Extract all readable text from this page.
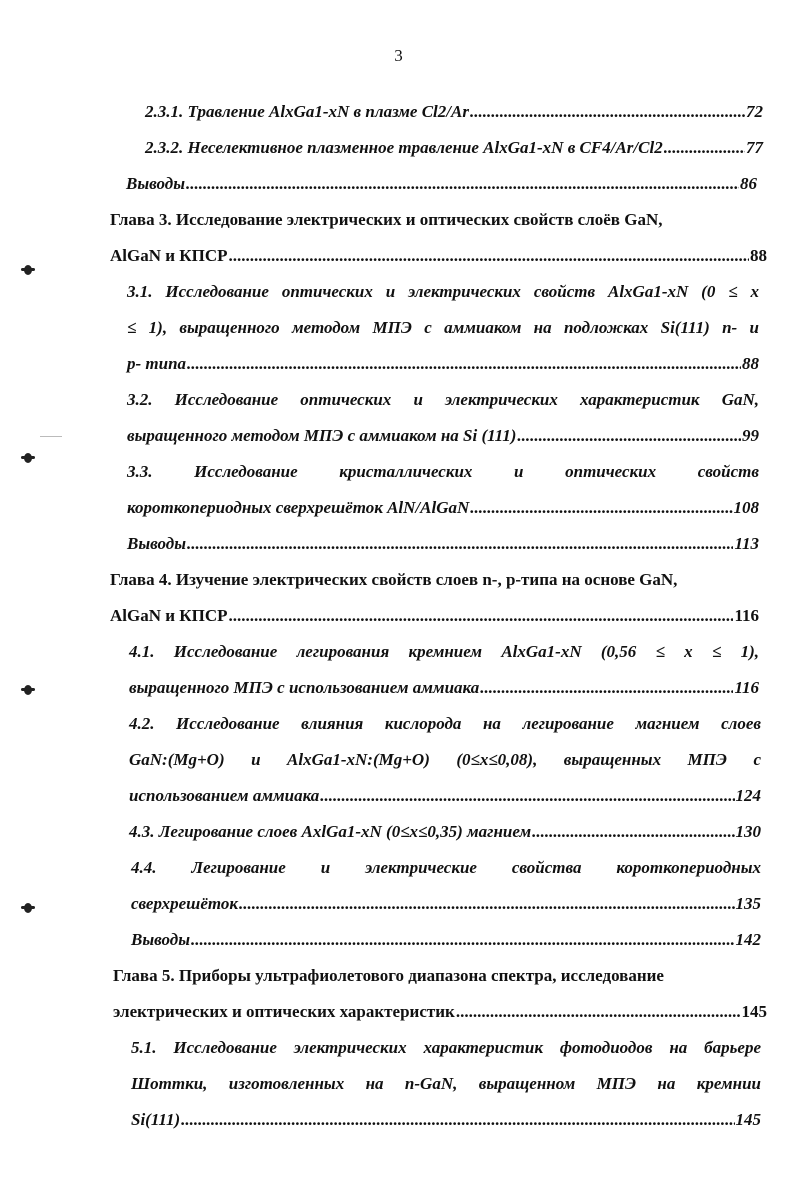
3
2.3.1. Травление AlxGa1-xN в плазме Cl2/Ar .....	72
2.3.2. Неселективное плазменное травление AlxGa1-xN в CF4/Ar/Cl2 .....	77
Выводы .....	86
Глава 3. Исследование электрических и оптических свойств слоёв GaN,
AlGaN и КПСР .....	88
3.1. Исследование оптических и электрических свойств AlxGa1-xN (0 ≤ x
≤ 1), выращенного методом МПЭ с аммиаком на подложках Si(111) n- и
p- типа .....	88
3.2. Исследование оптических и электрических характеристик GaN,
выращенного методом МПЭ с аммиаком на Si (111) .....	99
3.3. Исследование кристаллических и оптических свойств
короткопериодных сверхрешёток AlN/AlGaN .....	108
Выводы .....	113
Глава 4. Изучение электрических свойств слоев n-, p-типа на основе GaN,
AlGaN и КПСР .....	116
4.1. Исследование легирования кремнием AlxGa1-xN (0,56 ≤ x ≤ 1),
выращенного МПЭ с использованием аммиака .....	116
4.2. Исследование влияния кислорода на легирование магнием слоев
GaN:(Mg+O) и AlxGa1-xN:(Mg+O) (0≤x≤0,08), выращенных МПЭ с
использованием аммиака .....	124
4.3. Легирование слоев AxlGa1-xN (0≤x≤0,35) магнием .....	130
4.4. Легирование и электрические свойства короткопериодных
сверхрешёток .....	135
Выводы .....	142
Глава 5. Приборы ультрафиолетового диапазона спектра, исследование
электрических и оптических характеристик .....	145
5.1. Исследование электрических характеристик фотодиодов на барьере
Шоттки, изготовленных на n-GaN, выращенном МПЭ на кремнии
Si(111) .....	145
